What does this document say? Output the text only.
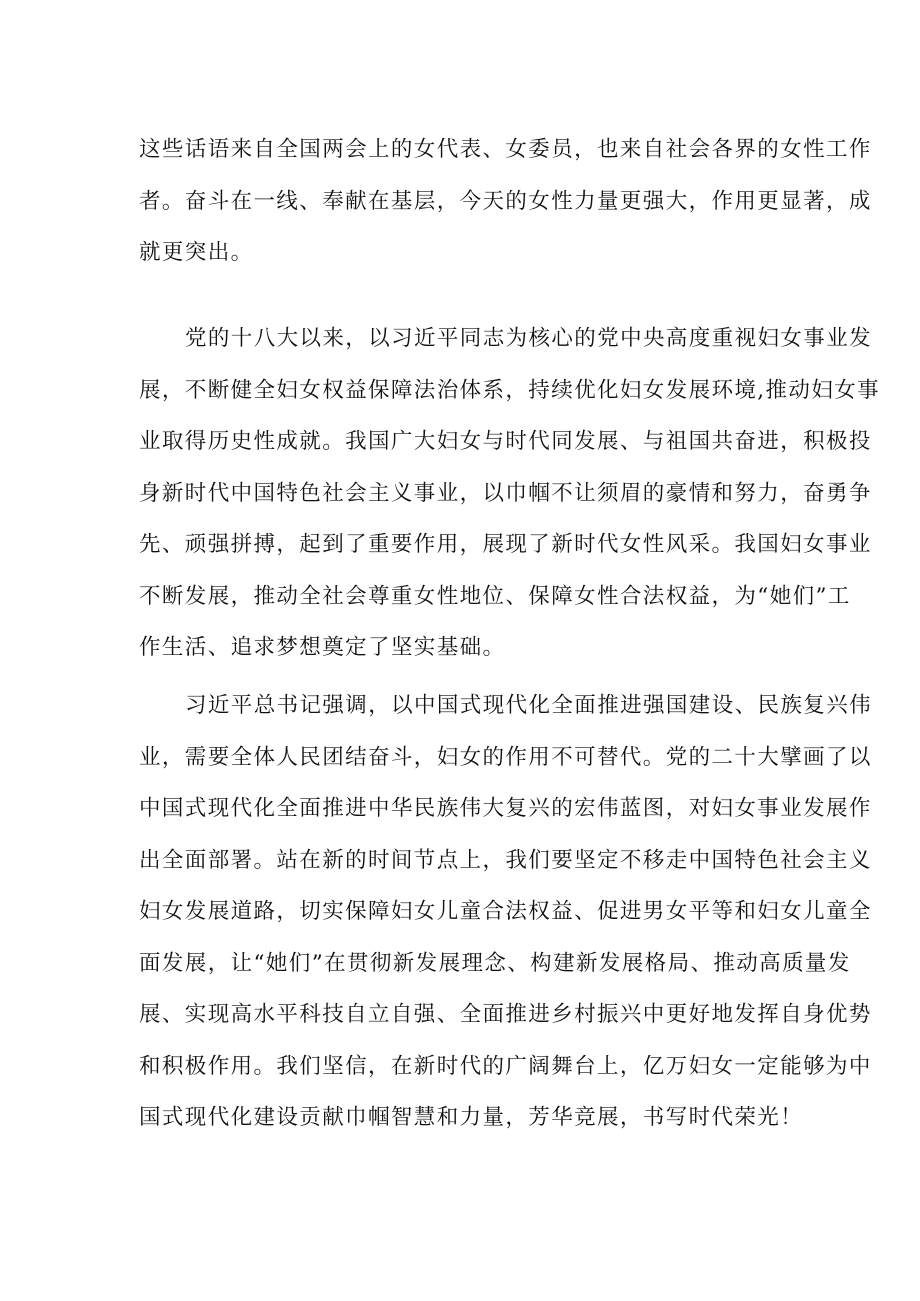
这些话语来自全国两会上的女代表、女委员，也来自社会各界的女性工作
者。奋斗在一线、奉献在基层，今天的女性力量更强大，作用更显著，成
就更突出。

党的十八大以来，以习近平同志为核心的党中央高度重视妇女事业发
展，不断健全妇女权益保障法治体系，持续优化妇女发展环境,推动妇女事
业取得历史性成就。我国广大妇女与时代同发展、与祖国共奋进，积极投
身新时代中国特色社会主义事业，以巾帼不让须眉的豪情和努力，奋勇争
先、顽强拼搏，起到了重要作用，展现了新时代女性风采。我国妇女事业
不断发展，推动全社会尊重女性地位、保障女性合法权益，为“她们”工
作生活、追求梦想奠定了坚实基础。

习近平总书记强调，以中国式现代化全面推进强国建设、民族复兴伟
业，需要全体人民团结奋斗，妇女的作用不可替代。党的二十大擘画了以
中国式现代化全面推进中华民族伟大复兴的宏伟蓝图，对妇女事业发展作
出全面部署。站在新的时间节点上，我们要坚定不移走中国特色社会主义
妇女发展道路，切实保障妇女儿童合法权益、促进男女平等和妇女儿童全
面发展，让“她们”在贯彻新发展理念、构建新发展格局、推动高质量发
展、实现高水平科技自立自强、全面推进乡村振兴中更好地发挥自身优势
和积极作用。我们坚信，在新时代的广阔舞台上，亿万妇女一定能够为中
国式现代化建设贡献巾帼智慧和力量，芳华竞展，书写时代荣光！
